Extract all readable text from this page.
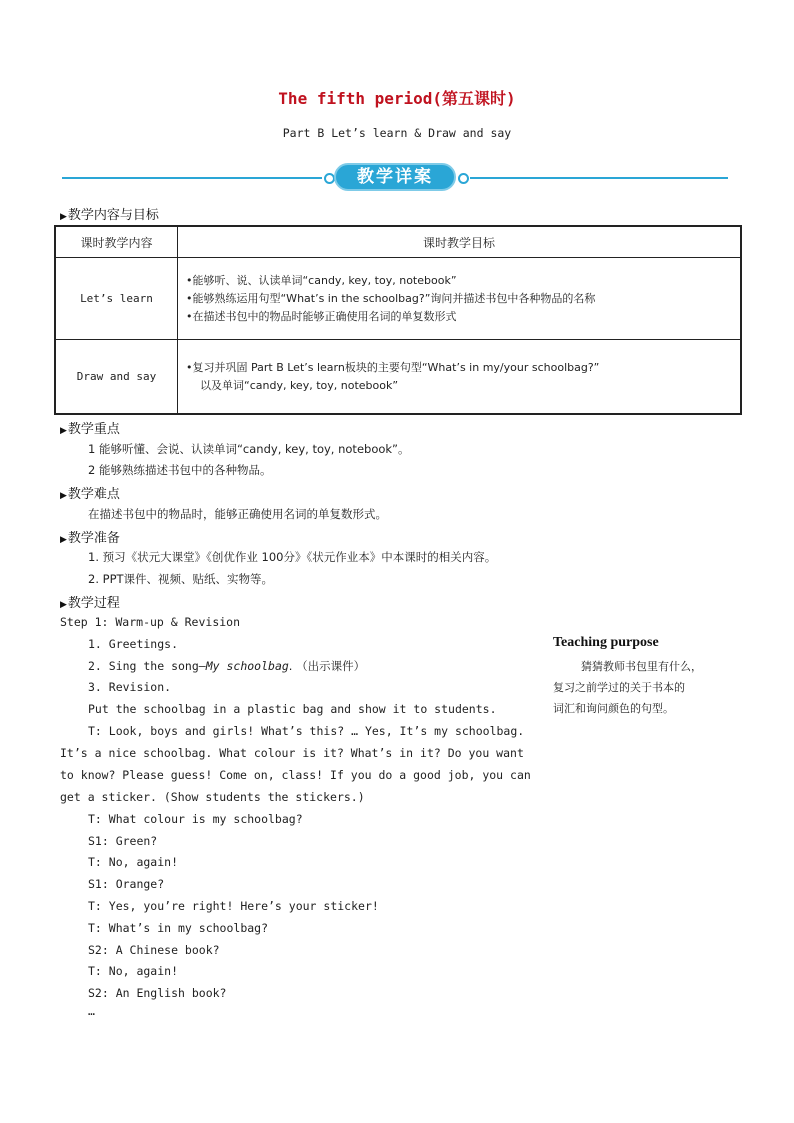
The fifth period(第五课时)
Part B Let’s learn & Draw and say
教学详案
▶教学内容与目标
课时教学内容	课时教学目标
Let’s learn	•能够听、说、认读单词“candy, key, toy, notebook”
•能够熟练运用句型“What’s in the schoolbag?”询问并描述书包中各种物品的名称
•在描述书包中的物品时能够正确使用名词的单复数形式

Draw and say	•复习并巩固 Part B Let’s learn板块的主要句型“What’s in my/your schoolbag?”
以及单词“candy, key, toy, notebook”
▶教学重点
1 能够听懂、会说、认读单词“candy, key, toy, notebook”。
2 能够熟练描述书包中的各种物品。
▶教学难点
在描述书包中的物品时，能够正确使用名词的单复数形式。
▶教学准备
1. 预习《状元大课堂》《创优作业 100分》《状元作业本》中本课时的相关内容。
2. PPT课件、视频、贴纸、实物等。
▶教学过程
Step 1: Warm-up & Revision
1. Greetings.
2. Sing the song—My schoolbag. （出示课件）
3. Revision.
Put the schoolbag in a plastic bag and show it to students.
T: Look, boys and girls! What’s this? … Yes, It’s my schoolbag.
It’s a nice schoolbag. What colour is it? What’s in it? Do you want
to know? Please guess! Come on, class! If you do a good job, you can
get a sticker. (Show students the stickers.)
T: What colour is my schoolbag?
S1: Green?
T: No, again!
S1: Orange?
T: Yes, you’re right! Here’s your sticker!
T: What’s in my schoolbag?
S2: A Chinese book?
T: No, again!
S2: An English book?
…
Teaching purpose
猜猜教师书包里有什么，
复习之前学过的关于书本的
词汇和询问颜色的句型。
